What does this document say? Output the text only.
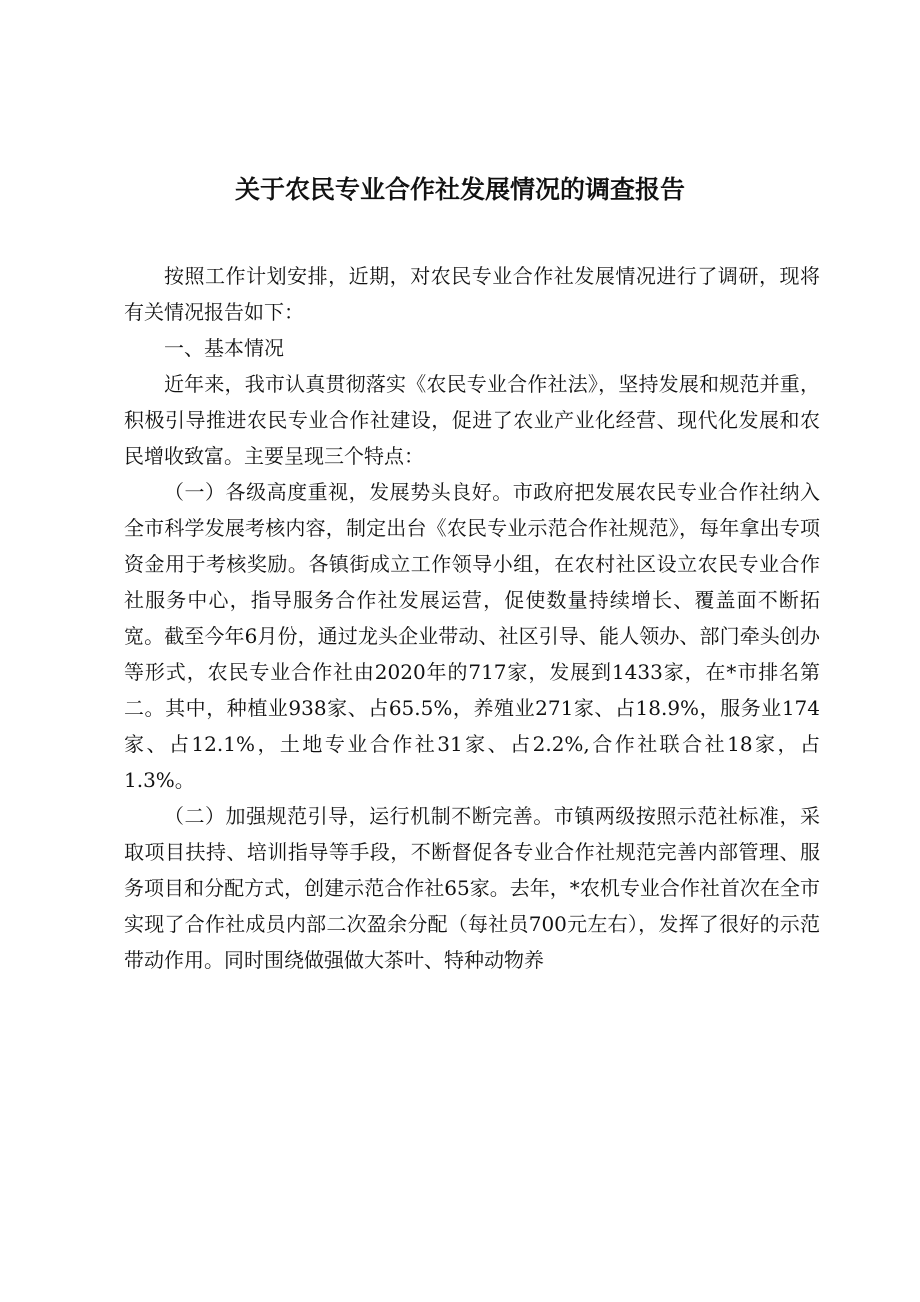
关于农民专业合作社发展情况的调查报告

按照工作计划安排，近期，对农民专业合作社发展情况进行了调研，现将有关情况报告如下：

一、基本情况

近年来，我市认真贯彻落实《农民专业合作社法》，坚持发展和规范并重，积极引导推进农民专业合作社建设，促进了农业产业化经营、现代化发展和农民增收致富。主要呈现三个特点：

（一）各级高度重视，发展势头良好。市政府把发展农民专业合作社纳入全市科学发展考核内容，制定出台《农民专业示范合作社规范》，每年拿出专项资金用于考核奖励。各镇街成立工作领导小组，在农村社区设立农民专业合作社服务中心，指导服务合作社发展运营，促使数量持续增长、覆盖面不断拓宽。截至今年6月份，通过龙头企业带动、社区引导、能人领办、部门牵头创办等形式，农民专业合作社由2020年的717家，发展到1433家，在*市排名第二。其中，种植业938家、占65.5%，养殖业271家、占18.9%，服务业174家、占12.1%，土地专业合作社31家、占2.2%,合作社联合社18家，占1.3%。

（二）加强规范引导，运行机制不断完善。市镇两级按照示范社标准，采取项目扶持、培训指导等手段，不断督促各专业合作社规范完善内部管理、服务项目和分配方式，创建示范合作社65家。去年，*农机专业合作社首次在全市实现了合作社成员内部二次盈余分配（每社员700元左右），发挥了很好的示范带动作用。同时围绕做强做大茶叶、特种动物养
